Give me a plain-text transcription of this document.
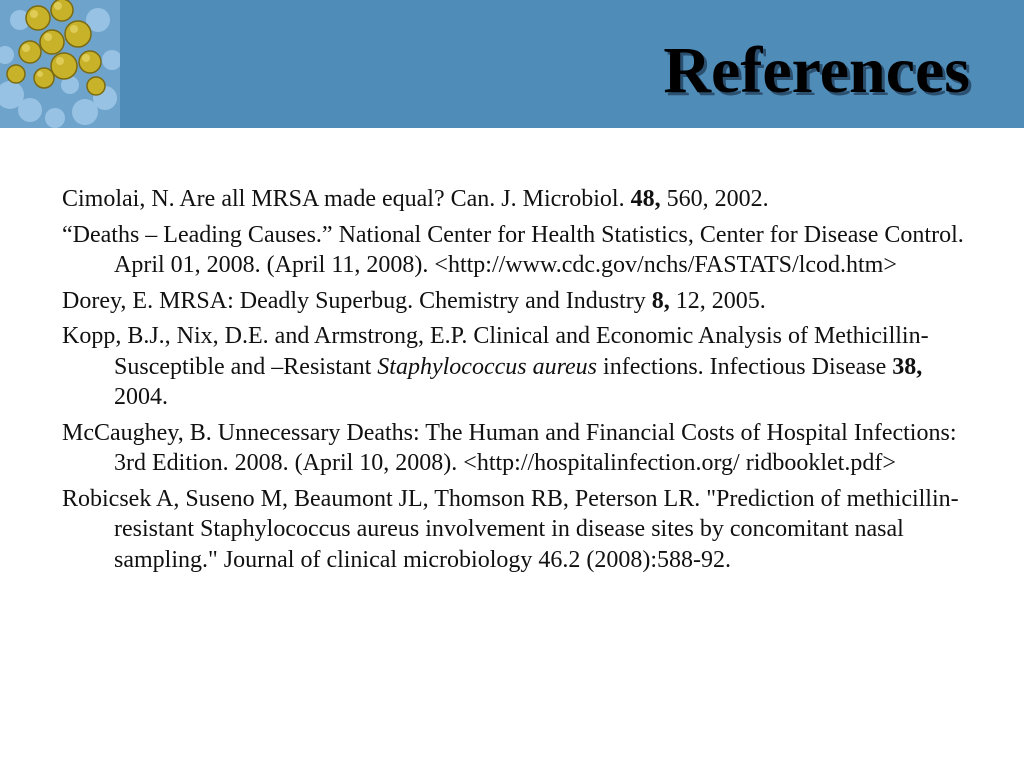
References
Cimolai, N. Are all MRSA made equal? Can. J. Microbiol. 48, 560, 2002.
“Deaths – Leading Causes.” National Center for Health Statistics, Center for Disease Control. April 01, 2008. (April 11, 2008). <http://www.cdc.gov/nchs/FASTATS/lcod.htm>
Dorey, E. MRSA: Deadly Superbug. Chemistry and Industry 8, 12, 2005.
Kopp, B.J., Nix, D.E. and Armstrong, E.P. Clinical and Economic Analysis of Methicillin-Susceptible and –Resistant Staphylococcus aureus infections. Infectious Disease 38, 2004.
McCaughey, B. Unnecessary Deaths: The Human and Financial Costs of Hospital Infections: 3rd Edition. 2008. (April 10, 2008). <http://hospitalinfection.org/ ridbooklet.pdf>
Robicsek A, Suseno M, Beaumont JL, Thomson RB, Peterson LR. "Prediction of methicillin-resistant Staphylococcus aureus involvement in disease sites by concomitant nasal sampling." Journal of clinical microbiology 46.2 (2008):588-92.
